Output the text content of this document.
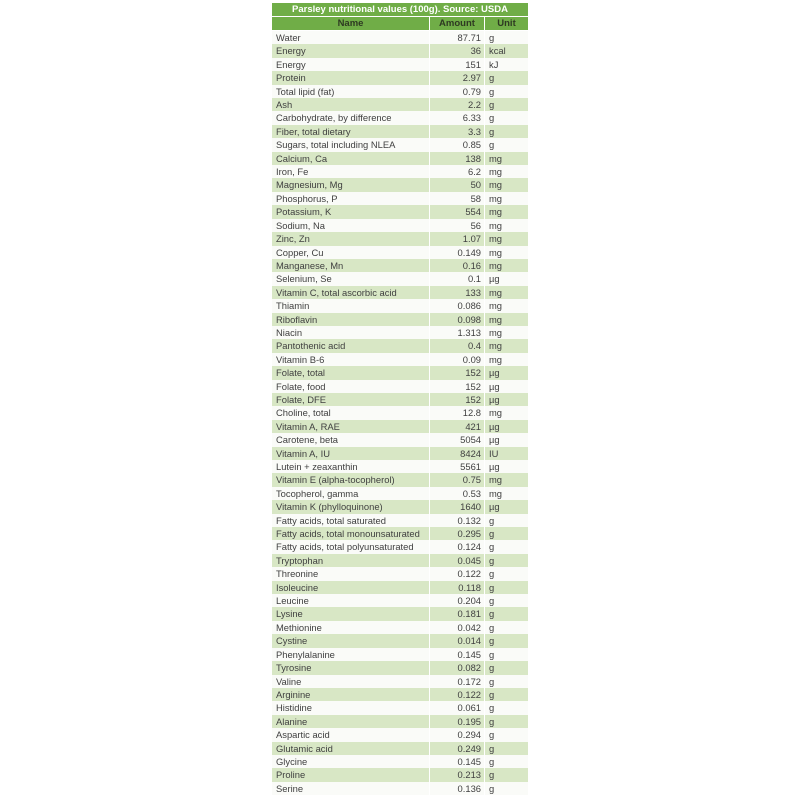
Parsley nutritional values (100g). Source: USDA
Name	Amount	Unit
Water	87.71 g
Energy	36 kcal
Energy	151 kJ
Protein	2.97 g
Total lipid (fat)	0.79 g
Ash	2.2 g
Carbohydrate, by difference	6.33 g
Fiber, total dietary	3.3 g
Sugars, total including NLEA	0.85 g
Calcium, Ca	138 mg
Iron, Fe	6.2 mg
Magnesium, Mg	50 mg
Phosphorus, P	58 mg
Potassium, K	554 mg
Sodium, Na	56 mg
Zinc, Zn	1.07 mg
Copper, Cu	0.149 mg
Manganese, Mn	0.16 mg
Selenium, Se	0.1 µg
Vitamin C, total ascorbic acid	133 mg
Thiamin	0.086 mg
Riboflavin	0.098 mg
Niacin	1.313 mg
Pantothenic acid	0.4 mg
Vitamin B-6	0.09 mg
Folate, total	152 µg
Folate, food	152 µg
Folate, DFE	152 µg
Choline, total	12.8 mg
Vitamin A, RAE	421 µg
Carotene, beta	5054 µg
Vitamin A, IU	8424 IU
Lutein + zeaxanthin	5561 µg
Vitamin E (alpha-tocopherol)	0.75 mg
Tocopherol, gamma	0.53 mg
Vitamin K (phylloquinone)	1640 µg
Fatty acids, total saturated	0.132 g
Fatty acids, total monounsaturated	0.295 g
Fatty acids, total polyunsaturated	0.124 g
Tryptophan	0.045 g
Threonine	0.122 g
Isoleucine	0.118 g
Leucine	0.204 g
Lysine	0.181 g
Methionine	0.042 g
Cystine	0.014 g
Phenylalanine	0.145 g
Tyrosine	0.082 g
Valine	0.172 g
Arginine	0.122 g
Histidine	0.061 g
Alanine	0.195 g
Aspartic acid	0.294 g
Glutamic acid	0.249 g
Glycine	0.145 g
Proline	0.213 g
Serine	0.136 g
